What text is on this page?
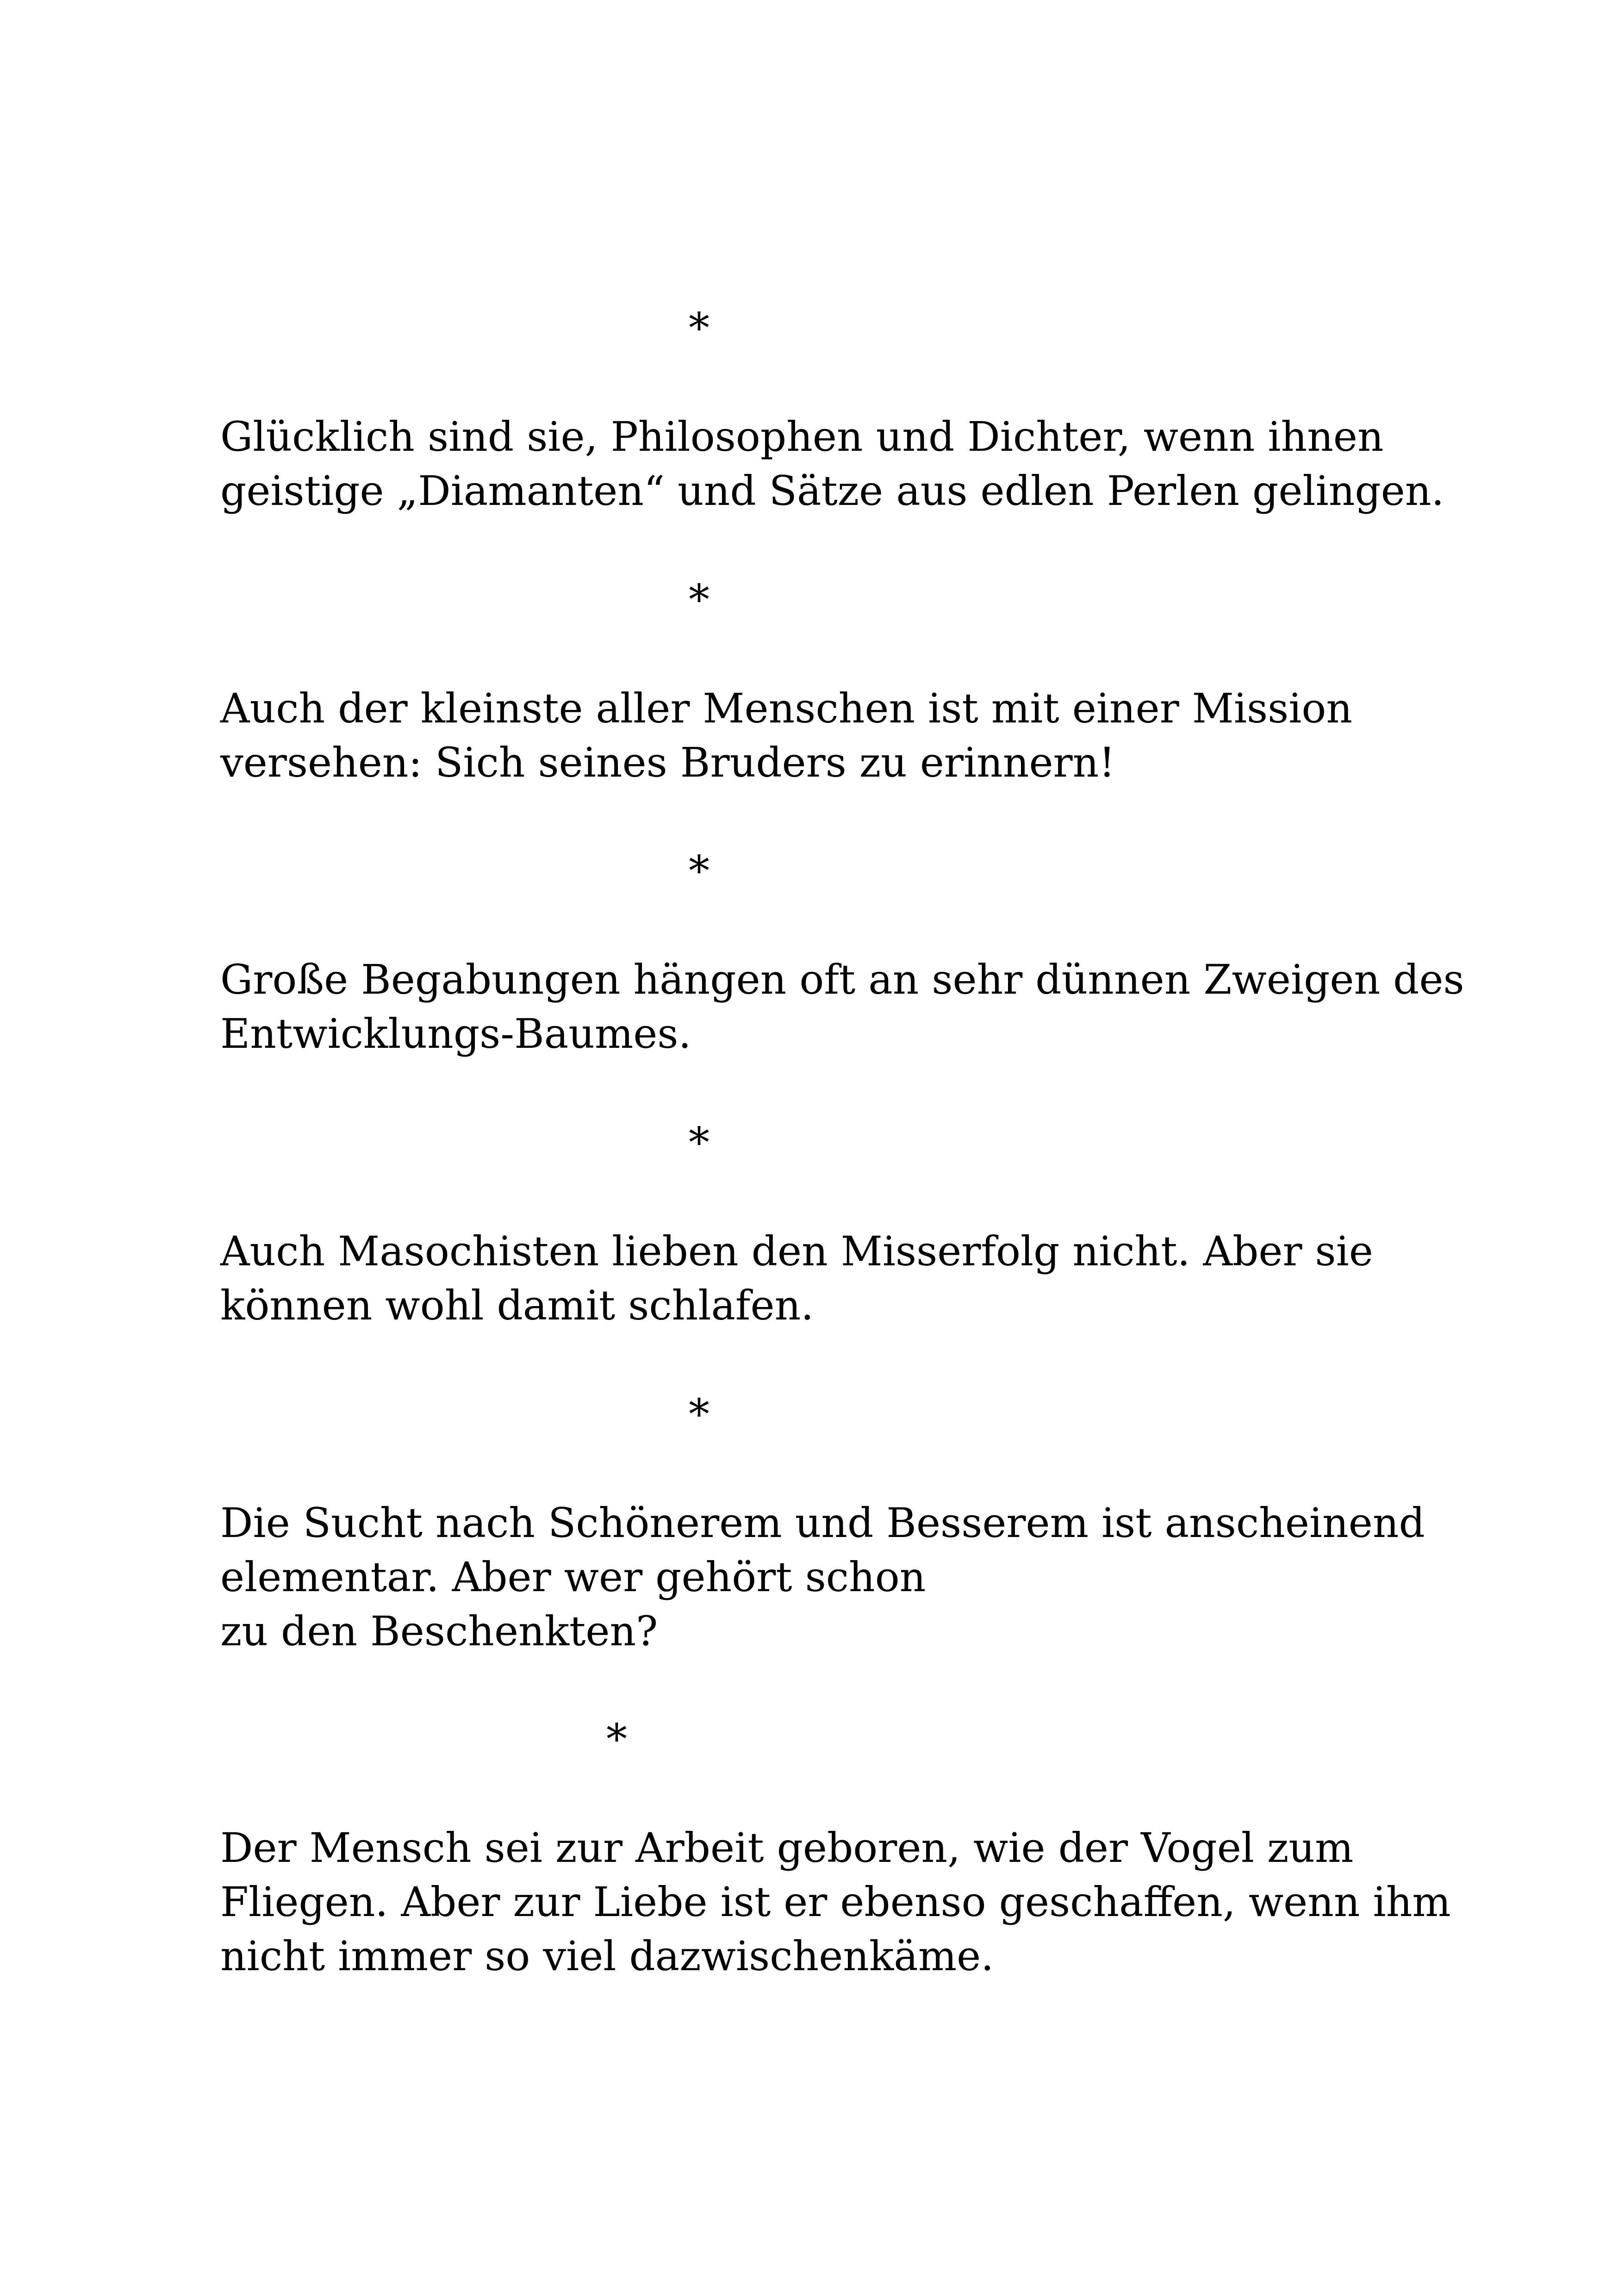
*

Glücklich sind sie, Philosophen und Dichter, wenn ihnen
geistige „Diamanten“ und Sätze aus edlen Perlen gelingen.

*

Auch der kleinste aller Menschen ist mit einer Mission
versehen: Sich seines Bruders zu erinnern!

*

Große Begabungen hängen oft an sehr dünnen Zweigen des
Entwicklungs-Baumes.

*

Auch Masochisten lieben den Misserfolg nicht. Aber sie
können wohl damit schlafen.

*

Die Sucht nach Schönerem und Besserem ist anscheinend
elementar. Aber wer gehört schon
zu den Beschenkten?

*

Der Mensch sei zur Arbeit geboren, wie der Vogel zum
Fliegen. Aber zur Liebe ist er ebenso geschaffen, wenn ihm
nicht immer so viel dazwischenkäme.
